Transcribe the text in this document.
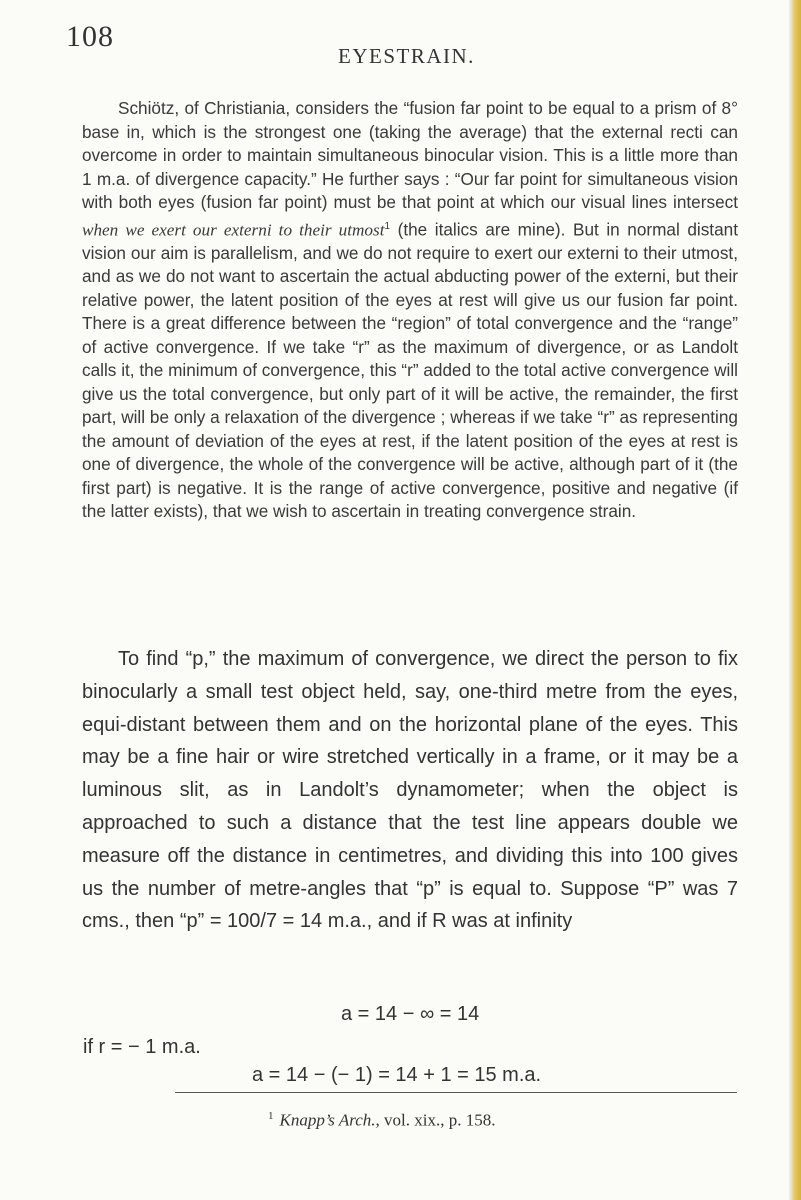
108
EYESTRAIN.

Schiötz, of Christiania, considers the “fusion far point to be equal to a prism of 8° base in, which is the strongest one (taking the average) that the external recti can overcome in order to maintain simultaneous binocular vision. This is a little more than 1 m.a. of divergence capacity.” He further says : “Our far point for simultaneous vision with both eyes (fusion far point) must be that point at which our visual lines intersect when we exert our externi to their utmost$^1$ (the italics are mine). But in normal distant vision our aim is parallelism, and we do not require to exert our externi to their utmost, and as we do not want to ascertain the actual abducting power of the externi, but their relative power, the latent position of the eyes at rest will give us our fusion far point. There is a great difference between the “region” of total convergence and the “range” of active convergence. If we take “r” as the maximum of divergence, or as Landolt calls it, the minimum of convergence, this “r” added to the total active convergence will give us the total convergence, but only part of it will be active, the remainder, the first part, will be only a relaxation of the divergence ; whereas if we take “r” as representing the amount of deviation of the eyes at rest, if the latent position of the eyes at rest is one of divergence, the whole of the convergence will be active, although part of it (the first part) is negative. It is the range of active convergence, positive and negative (if the latter exists), that we wish to ascertain in treating convergence strain.

To find “p,” the maximum of convergence, we direct the person to fix binocularly a small test object held, say, one-third metre from the eyes, equi-distant between them and on the horizontal plane of the eyes. This may be a fine hair or wire stretched vertically in a frame, or it may be a luminous slit, as in Landolt’s dynamometer; when the object is approached to such a distance that the test line appears double we measure off the distance in centimetres, and dividing this into 100 gives us the number of metre-angles that “p” is equal to. Suppose “P” was 7 cms., then “p” = 100/7 = 14 m.a., and if R was at infinity

a = 14 − ∞ = 14
if r = − 1 m.a.
a = 14 − (− 1) = 14 + 1 = 15 m.a.
$^1$ Knapp’s Arch., vol. xix., p. 158.
